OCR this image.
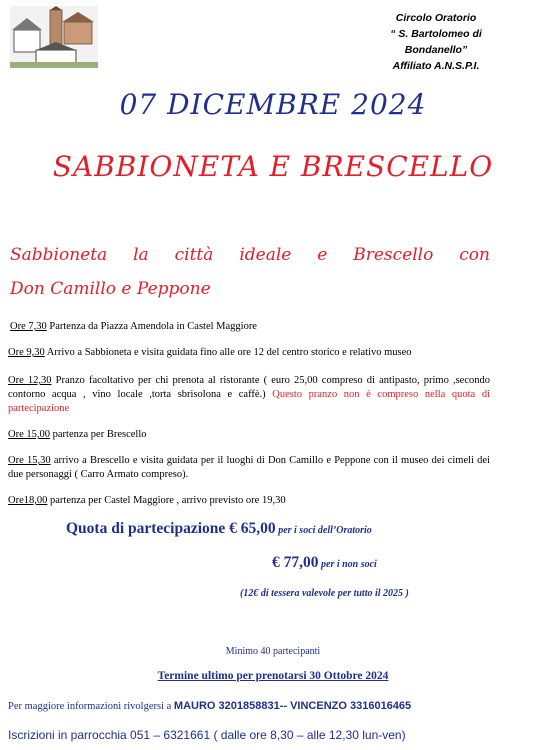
Circolo Oratorio
“ S. Bartolomeo di
Bondanello”
Affiliato A.N.S.P.I.
07 DICEMBRE 2024
SABBIONETA E BRESCELLO
Sabbioneta la città ideale e Brescello con
Don Camillo e Peppone
Ore 7,30 Partenza da Piazza Amendola in Castel Maggiore
Ore 9,30 Arrivo a Sabbioneta e visita guidata fino alle ore 12 del centro storico e relativo museo
Ore 12,30 Pranzo facoltativo per chi prenota al ristorante ( euro 25,00 compreso di antipasto, primo ,secondo contorno acqua , vino locale ,torta sbrisolona e caffè.) Questo pranzo non è compreso nella quota di partecipazione
Ore 15,00 partenza per Brescello
Ore 15,30 arrivo a Brescello e visita guidata per il luoghi di Don Camillo e Peppone con il museo dei cimeli dei due personaggi ( Carro Armato compreso).
Ore18,00 partenza per Castel Maggiore , arrivo previsto ore 19,30
Quota di partecipazione € 65,00 per i soci dell’Oratorio
€ 77,00 per i non soci
(12€ di tessera valevole per tutto il 2025 )
Minimo 40 partecipanti
Termine ultimo per prenotarsi 30 Ottobre 2024
Per maggiore informazioni rivolgersi a MAURO 3201858831-- VINCENZO 3316016465
Iscrizioni in parrocchia 051 – 6321661 ( dalle ore 8,30 – alle 12,30 lun-ven)
